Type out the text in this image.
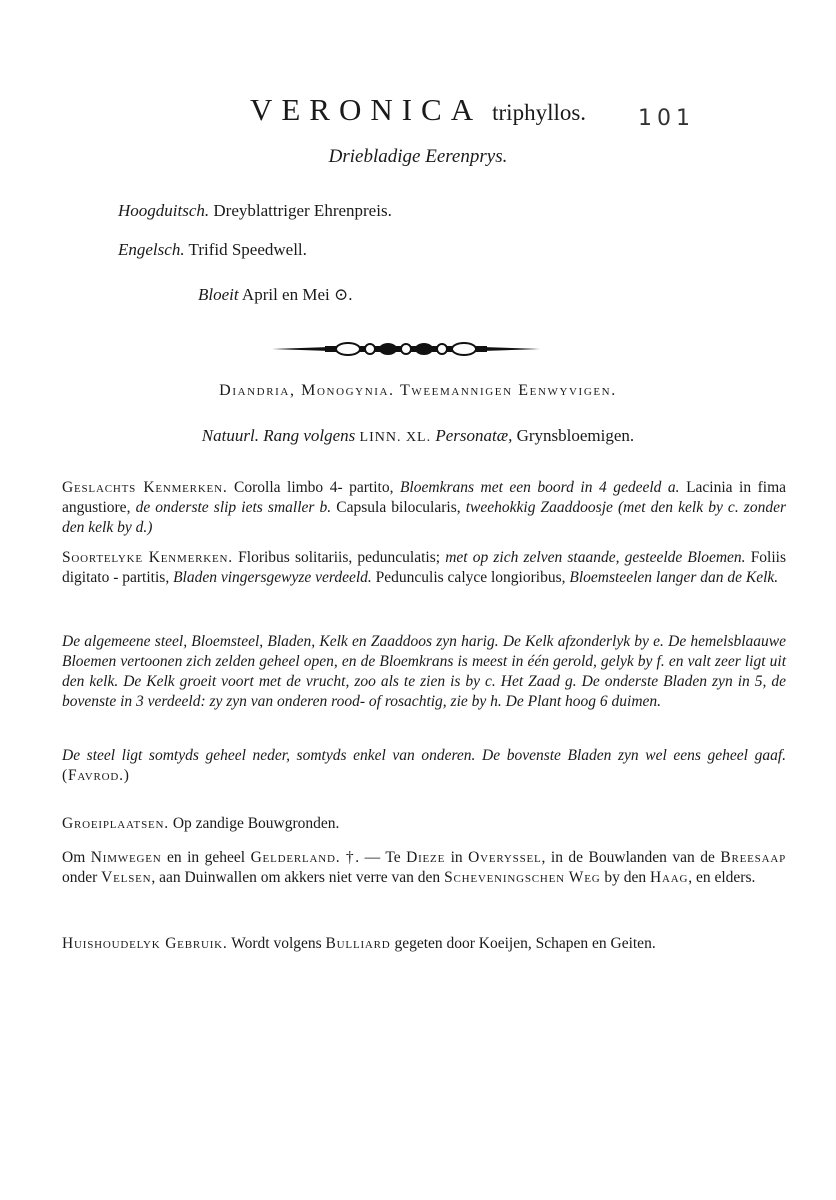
VERONICA triphyllos.	101
Driebladige Eerenprys.
Hoogduitsch. Dreyblattriger Ehrenpreis.
Engelsch. Trifid Speedwell.
Bloeit April en Mei ⊙.
Diandria, Monogynia. Tweemannigen Eenwyvigen.
Natuurl. Rang volgens LINN. XL. Personatæ, Grynsbloemigen.
Geslachts Kenmerken. Corolla limbo 4- partito, Bloemkrans met een boord in 4 gedeeld a. Lacinia in fima angustiore, de onderste slip iets smaller b. Capsula bilocularis, tweehokkig Zaaddoosje (met den kelk by c. zonder den kelk by d.)
Soortelyke Kenmerken. Floribus solitariis, pedunculatis; met op zich zelven staande, gesteelde Bloemen. Foliis digitato - partitis, Bladen vingersgewyze verdeeld. Pedunculis calyce longioribus, Bloemsteelen langer dan de Kelk.
De algemeene steel, Bloemsteel, Bladen, Kelk en Zaaddoos zyn harig. De Kelk afzonderlyk by e. De hemelsblaauwe Bloemen vertoonen zich zelden geheel open, en de Bloemkrans is meest in één gerold, gelyk by f. en valt zeer ligt uit den kelk. De Kelk groeit voort met de vrucht, zoo als te zien is by c. Het Zaad g. De onderste Bladen zyn in 5, de bovenste in 3 verdeeld: zy zyn van onderen rood- of rosachtig, zie by h. De Plant hoog 6 duimen.
De steel ligt somtyds geheel neder, somtyds enkel van onderen. De bovenste Bladen zyn wel eens geheel gaaf. (Favrod.)
Groeiplaatsen. Op zandige Bouwgronden.
Om Nimwegen en in geheel Gelderland. †. — Te Dieze in Overyssel, in de Bouwlanden van de Breesaap onder Velsen, aan Duinwallen om akkers niet verre van den Scheveningschen Weg by den Haag, en elders.
Huishoudelyk Gebruik. Wordt volgens Bulliard gegeten door Koeijen, Schapen en Geiten.
